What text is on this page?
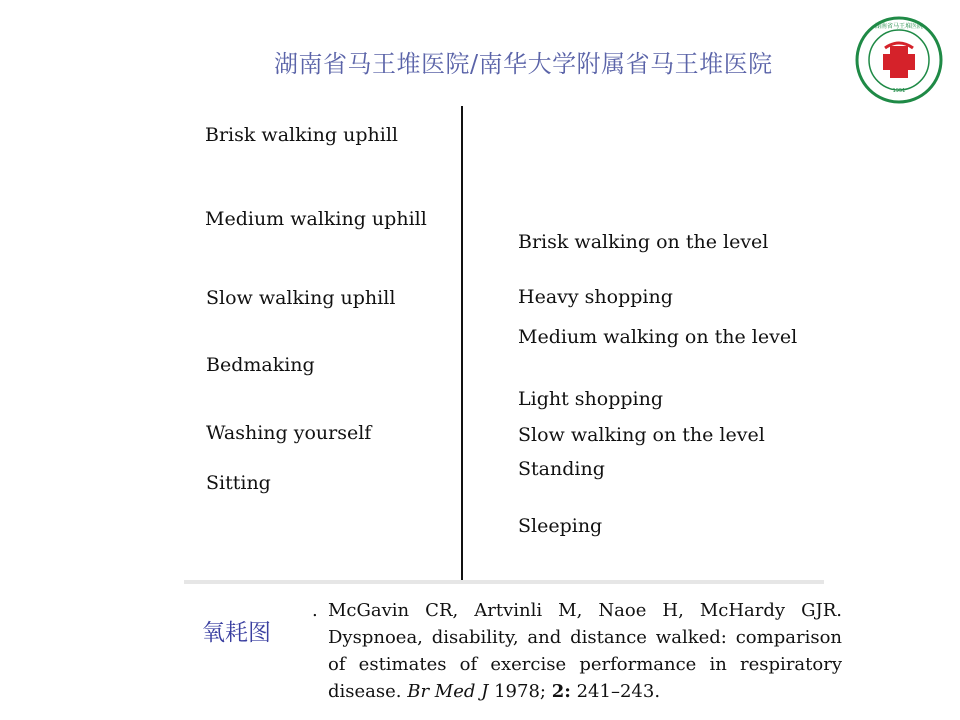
湖南省马王堆医院/南华大学附属省马王堆医院
湖南省马王堆医院
1951
Brisk walking uphill
Medium walking uphill
Slow walking uphill
Bedmaking
Washing yourself
Sitting
Brisk walking on the level
Heavy shopping
Medium walking on the level
Light shopping
Slow walking on the level
Standing
Sleeping
氧耗图
. McGavin CR, Artvinli M, Naoe H, McHardy GJR. Dyspnoea, disability, and distance walked: comparison of estimates of exercise performance in respiratory disease. Br Med J 1978; 2: 241–243.
